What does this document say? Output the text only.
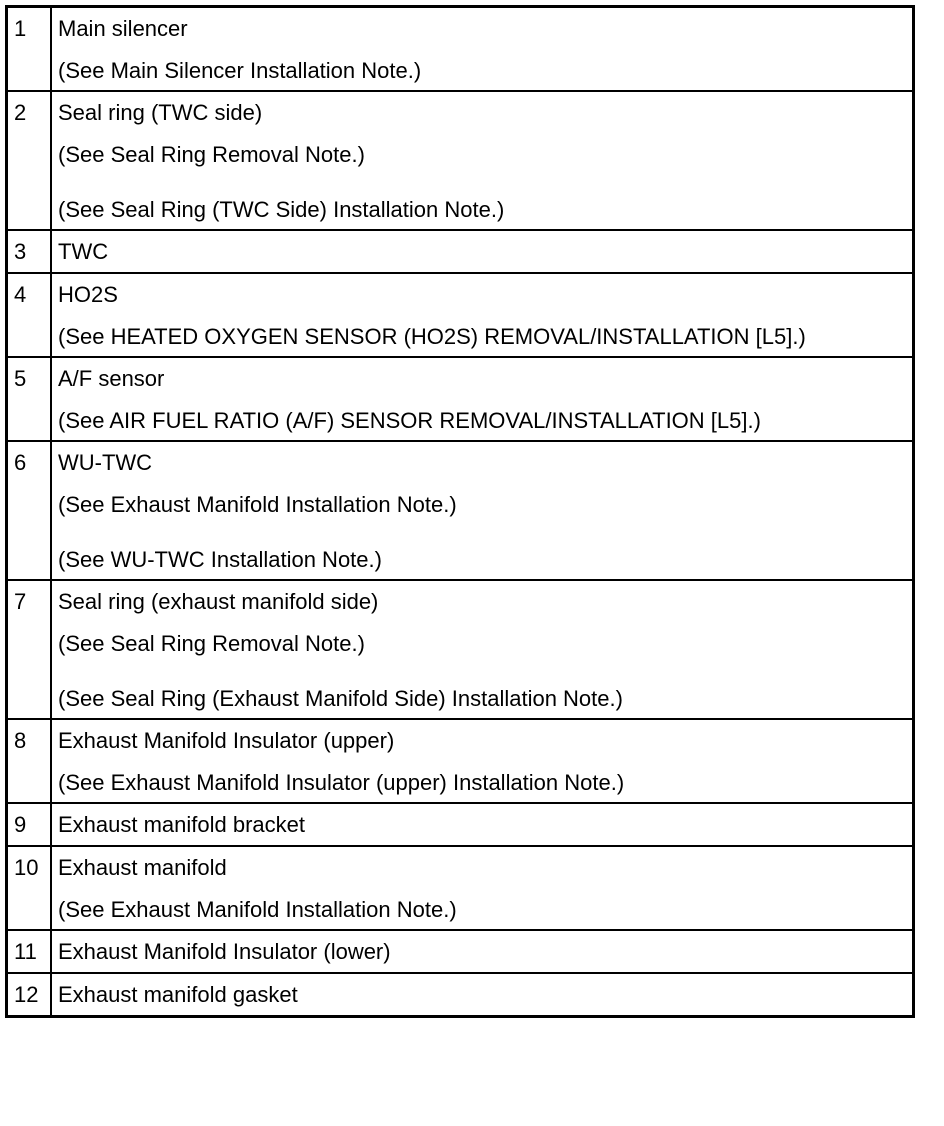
1	Main silencer
(See Main Silencer Installation Note.)

2	Seal ring (TWC side)
(See Seal Ring Removal Note.)
(See Seal Ring (TWC Side) Installation Note.)

3	TWC

4	HO2S
(See HEATED OXYGEN SENSOR (HO2S) REMOVAL/INSTALLATION [L5].)

5	A/F sensor
(See AIR FUEL RATIO (A/F) SENSOR REMOVAL/INSTALLATION [L5].)

6	WU-TWC
(See Exhaust Manifold Installation Note.)
(See WU-TWC Installation Note.)

7	Seal ring (exhaust manifold side)
(See Seal Ring Removal Note.)
(See Seal Ring (Exhaust Manifold Side) Installation Note.)

8	Exhaust Manifold Insulator (upper)
(See Exhaust Manifold Insulator (upper) Installation Note.)

9	Exhaust manifold bracket

10	Exhaust manifold
(See Exhaust Manifold Installation Note.)

11	Exhaust Manifold Insulator (lower)

12	Exhaust manifold gasket
